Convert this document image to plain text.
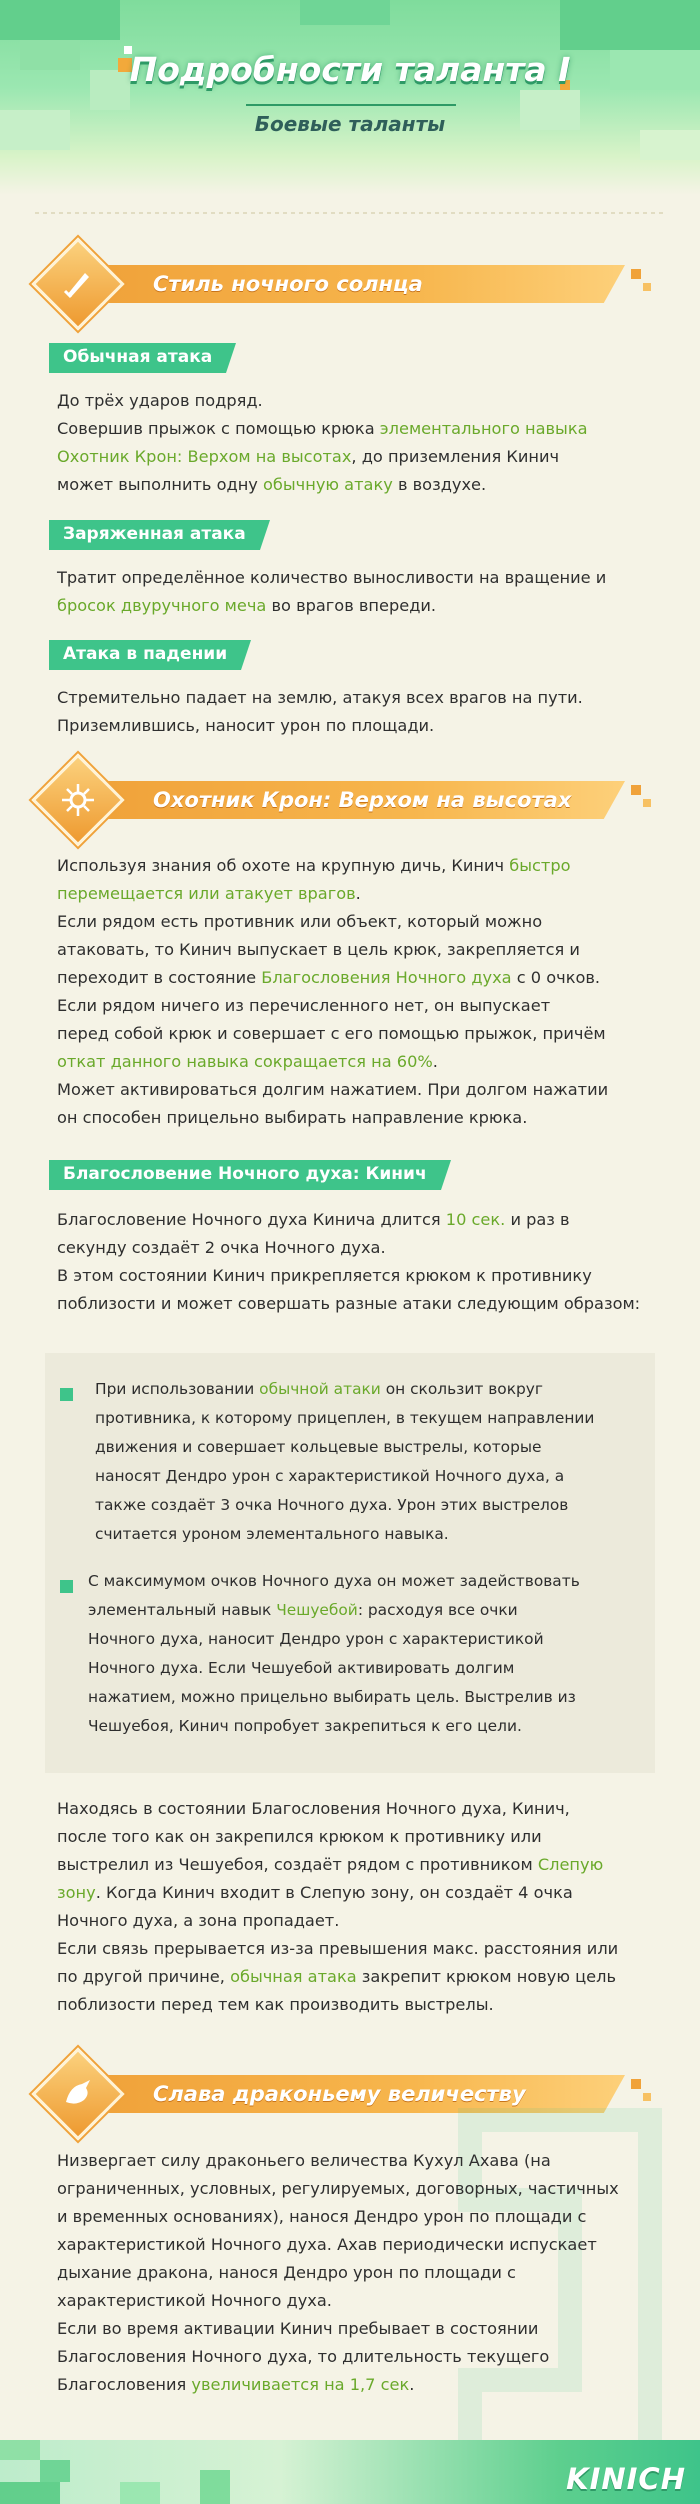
Подробности таланта Ⅰ
Боевые таланты
Стиль ночного солнца
Обычная атака
До трёх ударов подряд.
Совершив прыжок с помощью крюка элементального навыка
Охотник Крон: Верхом на высотах, до приземления Кинич
может выполнить одну обычную атаку в воздухе.
Заряженная атака
Тратит определённое количество выносливости на вращение и
бросок двуручного меча во врагов впереди.
Атака в падении
Стремительно падает на землю, атакуя всех врагов на пути.
Приземлившись, наносит урон по площади.
Охотник Крон: Верхом на высотах
Используя знания об охоте на крупную дичь, Кинич быстро
перемещается или атакует врагов.
Если рядом есть противник или объект, который можно
атаковать, то Кинич выпускает в цель крюк, закрепляется и
переходит в состояние Благословения Ночного духа с 0 очков.
Если рядом ничего из перечисленного нет, он выпускает
перед собой крюк и совершает с его помощью прыжок, причём
откат данного навыка сокращается на 60%.
Может активироваться долгим нажатием. При долгом нажатии
он способен прицельно выбирать направление крюка.
Благословение Ночного духа: Кинич
Благословение Ночного духа Кинича длится 10 сек. и раз в
секунду создаёт 2 очка Ночного духа.
В этом состоянии Кинич прикрепляется крюком к противнику
поблизости и может совершать разные атаки следующим образом:
При использовании обычной атаки он скользит вокруг
противника, к которому прицеплен, в текущем направлении
движения и совершает кольцевые выстрелы, которые
наносят Дендро урон с характеристикой Ночного духа, а
также создаёт 3 очка Ночного духа. Урон этих выстрелов
считается уроном элементального навыка.
С максимумом очков Ночного духа он может задействовать
элементальный навык Чешуебой: расходуя все очки
Ночного духа, наносит Дендро урон с характеристикой
Ночного духа. Если Чешуебой активировать долгим
нажатием, можно прицельно выбирать цель. Выстрелив из
Чешуебоя, Кинич попробует закрепиться к его цели.
Находясь в состоянии Благословения Ночного духа, Кинич,
после того как он закрепился крюком к противнику или
выстрелил из Чешуебоя, создаёт рядом с противником Слепую
зону. Когда Кинич входит в Слепую зону, он создаёт 4 очка
Ночного духа, а зона пропадает.
Если связь прерывается из-за превышения макс. расстояния или
по другой причине, обычная атака закрепит крюком новую цель
поблизости перед тем как производить выстрелы.
Слава драконьему величеству
Низвергает силу драконьего величества Кухул Ахава (на
ограниченных, условных, регулируемых, договорных, частичных
и временных основаниях), нанося Дендро урон по площади с
характеристикой Ночного духа. Ахав периодически испускает
дыхание дракона, нанося Дендро урон по площади с
характеристикой Ночного духа.
Если во время активации Кинич пребывает в состоянии
Благословения Ночного духа, то длительность текущего
Благословения увеличивается на 1,7 сек.
KINICH
